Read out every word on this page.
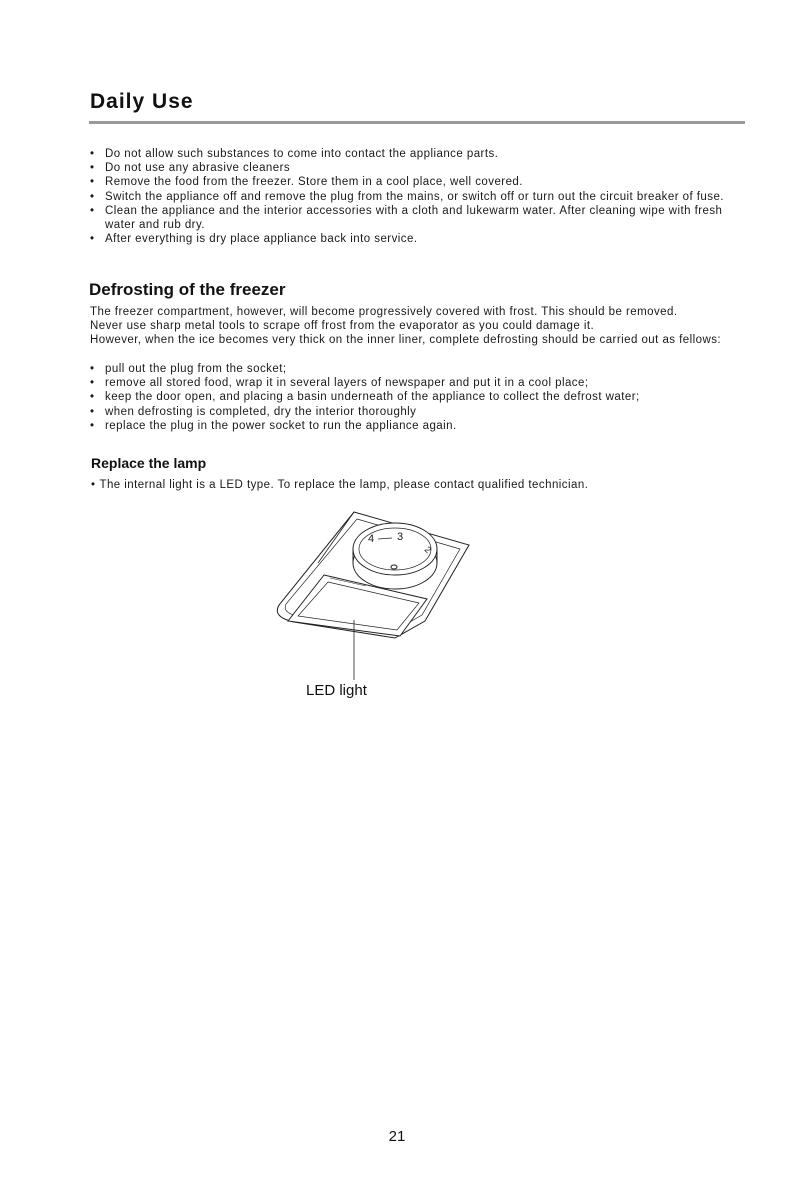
Daily Use
• Do not allow such substances to come into contact the appliance parts.
• Do not use any abrasive cleaners
• Remove the food from the freezer. Store them in a cool place, well covered.
• Switch the appliance off and remove the plug from the mains, or switch off or turn out the circuit breaker of fuse.
• Clean the appliance and the interior accessories with a cloth and lukewarm water. After cleaning wipe with fresh water and rub dry.
• After everything is dry place appliance back into service.
Defrosting of the freezer

The freezer compartment, however, will become progressively covered with frost. This should be removed.

Never use sharp metal tools to scrape off frost from the evaporator as you could damage it.

However, when the ice becomes very thick on the inner liner, complete defrosting should be carried out as fellows:

• pull out the plug from the socket;
• remove all stored food, wrap it in several layers of newspaper and put it in a cool place;
• keep the door open, and placing a basin underneath of the appliance to collect the defrost water;
• when defrosting is completed, dry the interior thoroughly
• replace the plug in the power socket to run the appliance again.
Replace the lamp
• The internal light is a LED type. To replace the lamp, please contact qualified technician.
4 3
2
LED light
21
